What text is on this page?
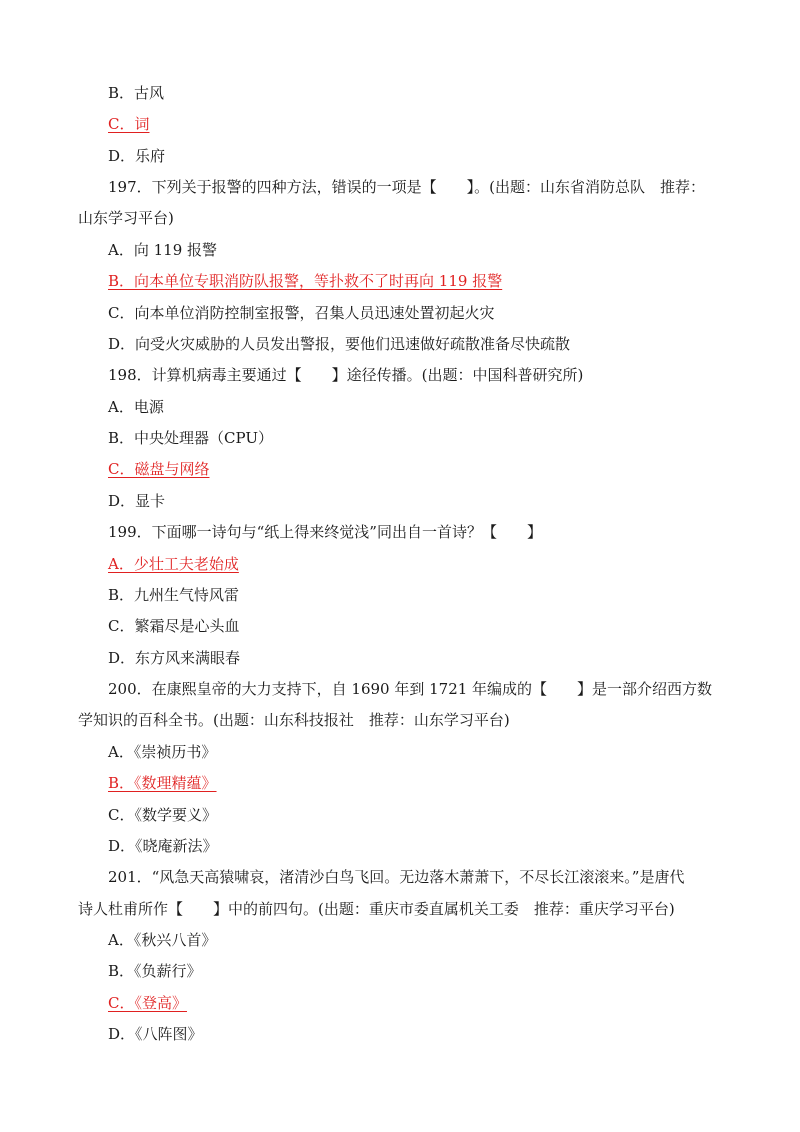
B．古风
C．词
D．乐府
197．下列关于报警的四种方法，错误的一项是【　　】。(出题：山东省消防总队　推荐：
山东学习平台)
A．向 119 报警
B．向本单位专职消防队报警，等扑救不了时再向 119 报警
C．向本单位消防控制室报警，召集人员迅速处置初起火灾
D．向受火灾威胁的人员发出警报，要他们迅速做好疏散准备尽快疏散
198．计算机病毒主要通过【　　】途径传播。(出题：中国科普研究所)
A．电源
B．中央处理器（CPU）
C．磁盘与网络
D．显卡
199．下面哪一诗句与“纸上得来终觉浅”同出自一首诗？【　　】
A．少壮工夫老始成
B．九州生气恃风雷
C．繁霜尽是心头血
D．东方风来满眼春
200．在康熙皇帝的大力支持下，自 1690 年到 1721 年编成的【　　】是一部介绍西方数
学知识的百科全书。(出题：山东科技报社　推荐：山东学习平台)
A．《崇祯历书》
B．《数理精蕴》
C．《数学要义》
D．《晓庵新法》
201．“风急天高猿啸哀，渚清沙白鸟飞回。无边落木萧萧下，不尽长江滚滚来。”是唐代
诗人杜甫所作【　　】中的前四句。(出题：重庆市委直属机关工委　推荐：重庆学习平台)
A．《秋兴八首》
B．《负薪行》
C．《登高》
D．《八阵图》
